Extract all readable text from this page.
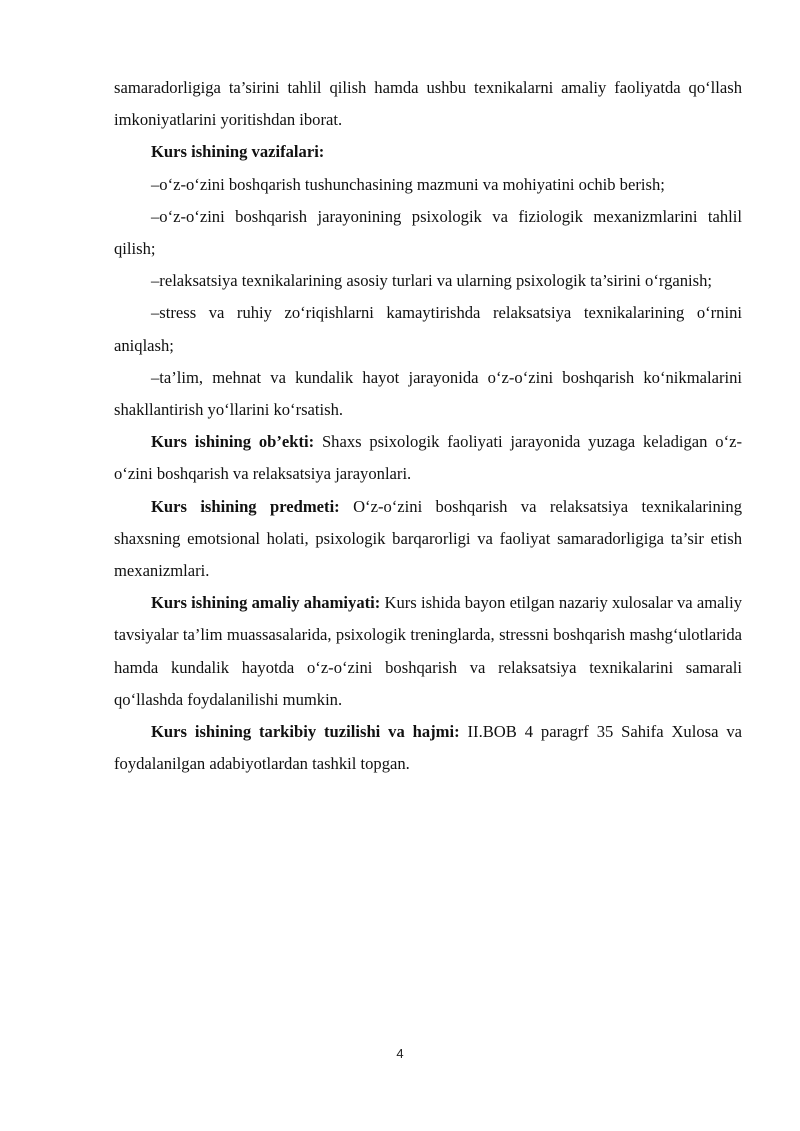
samaradorligiga ta’sirini tahlil qilish hamda ushbu texnikalarni amaliy faoliyatda qo‘llash imkoniyatlarini yoritishdan iborat.

Kurs ishining vazifalari:

–o‘z-o‘zini boshqarish tushunchasining mazmuni va mohiyatini ochib berish;

–o‘z-o‘zini boshqarish jarayonining psixologik va fiziologik mexanizmlarini tahlil qilish;

–relaksatsiya texnikalarining asosiy turlari va ularning psixologik ta’sirini o‘rganish;

–stress va ruhiy zo‘riqishlarni kamaytirishda relaksatsiya texnikalarining o‘rnini aniqlash;

–ta’lim, mehnat va kundalik hayot jarayonida o‘z-o‘zini boshqarish ko‘nikmalarini shakllantirish yo‘llarini ko‘rsatish.

Kurs ishining ob’ekti: Shaxs psixologik faoliyati jarayonida yuzaga keladigan o‘z-o‘zini boshqarish va relaksatsiya jarayonlari.

Kurs ishining predmeti: O‘z-o‘zini boshqarish va relaksatsiya texnikalarining shaxsning emotsional holati, psixologik barqarorligi va faoliyat samaradorligiga ta’sir etish mexanizmlari.

Kurs ishining amaliy ahamiyati: Kurs ishida bayon etilgan nazariy xulosalar va amaliy tavsiyalar ta’lim muassasalarida, psixologik treninglarda, stressni boshqarish mashg‘ulotlarida hamda kundalik hayotda o‘z-o‘zini boshqarish va relaksatsiya texnikalarini samarali qo‘llashda foydalanilishi mumkin.

Kurs ishining tarkibiy tuzilishi va hajmi: II.BOB 4 paragrf 35 Sahifa Xulosa va foydalanilgan adabiyotlardan tashkil topgan.

4
